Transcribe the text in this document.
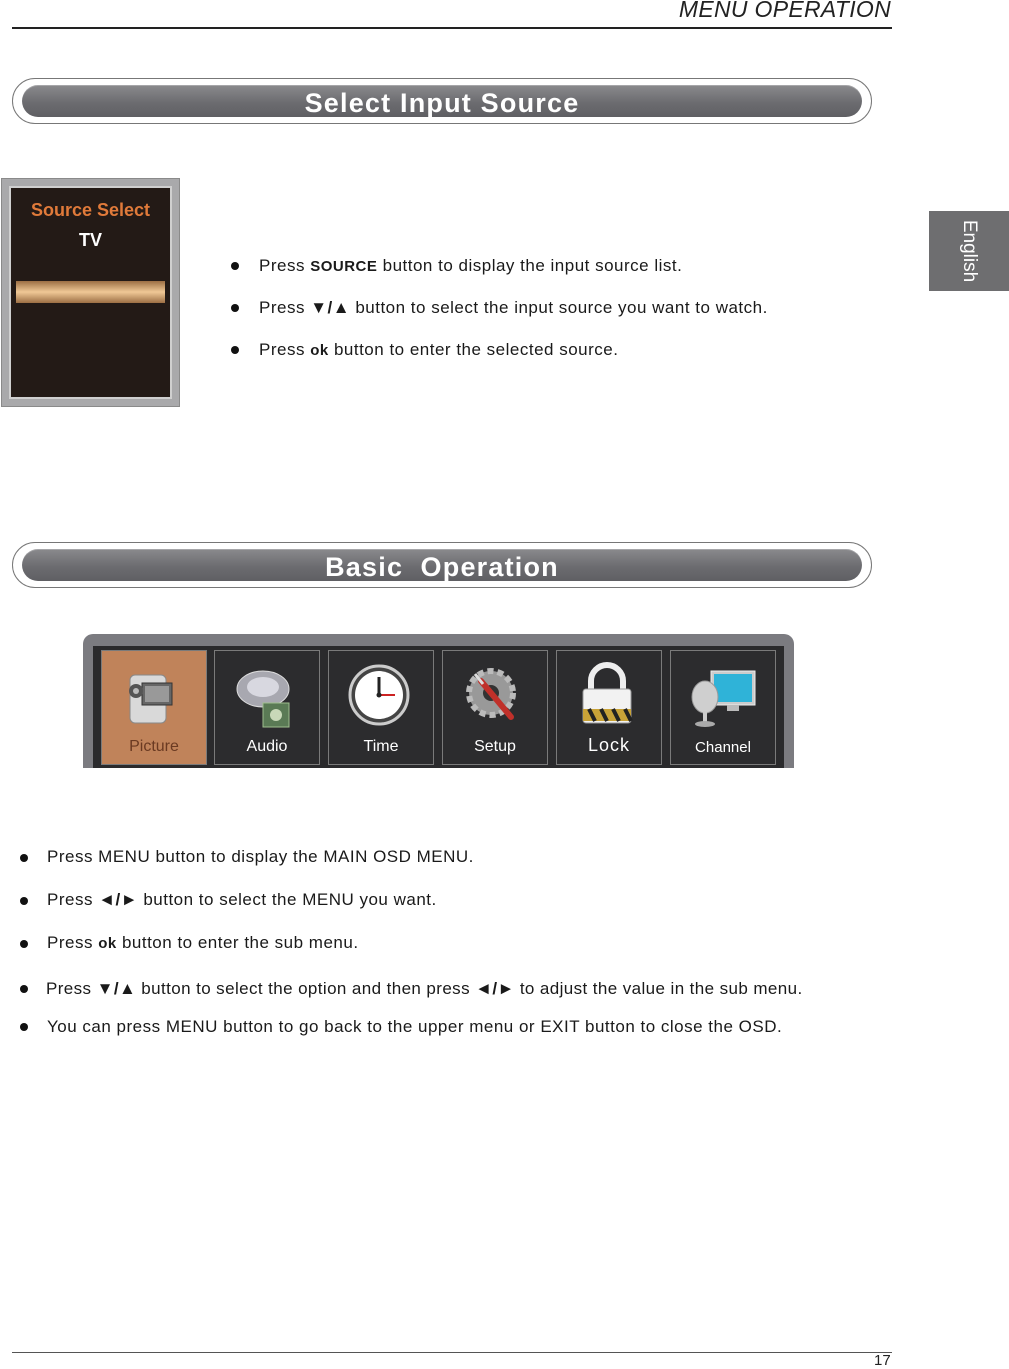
MENU OPERATION
English
Select Input Source
Source Select
TV
Press SOURCE button to display the input source list.
Press ▼/▲ button to select the input source you want to watch.
Press ok button to enter the selected source.
Basic  Operation
Picture	Audio	Time	Setup	Lock	Channel
Press MENU button to display the MAIN OSD MENU.
Press ◄/► button to select the MENU you want.
Press ok button to enter the sub menu.
Press ▼/▲ button to select the option and then press ◄/► to adjust the value in the sub menu.
You can press MENU button to go back to the upper menu or EXIT button to close the OSD.
17
